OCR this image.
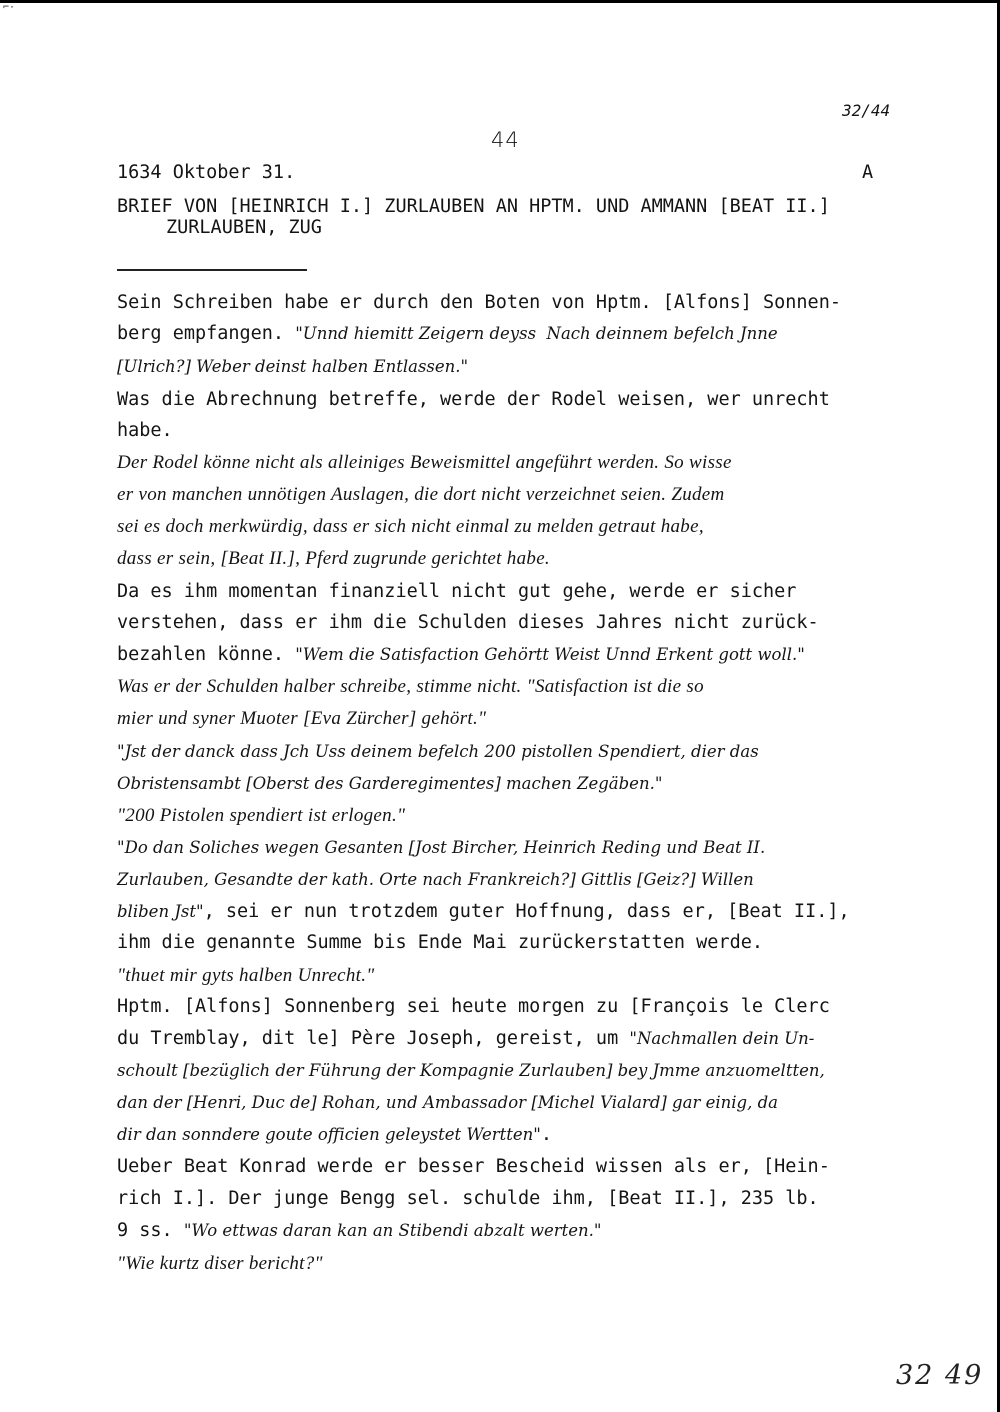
⌐·
32/44
44
1634 Oktober 31.	A
BRIEF VON [HEINRICH I.] ZURLAUBEN AN HPTM. UND AMMANN [BEAT II.]
ZURLAUBEN, ZUG
Sein Schreiben habe er durch den Boten von Hptm. [Alfons] Sonnen-
berg empfangen. "Unnd hiemitt Zeigern deyss  Nach deinnem befelch Jnne
[Ulrich?] Weber deinst halben Entlassen."
Was die Abrechnung betreffe, werde der Rodel weisen, wer unrecht
habe.
Der Rodel könne nicht als alleiniges Beweismittel angeführt werden. So wisse
er von manchen unnötigen Auslagen, die dort nicht verzeichnet seien. Zudem
sei es doch merkwürdig, dass er sich nicht einmal zu melden getraut habe,
dass er sein, [Beat II.], Pferd zugrunde gerichtet habe.
Da es ihm momentan finanziell nicht gut gehe, werde er sicher
verstehen, dass er ihm die Schulden dieses Jahres nicht zurück-
bezahlen könne. "Wem die Satisfaction Gehörtt Weist Unnd Erkent gott woll."
Was er der Schulden halber schreibe, stimme nicht. "Satisfaction ist die so
mier und syner Muoter [Eva Zürcher] gehört."
"Jst der danck dass Jch Uss deinem befelch 200 pistollen Spendiert, dier das
Obristensambt [Oberst des Garderegimentes] machen Zegäben."
"200 Pistolen spendiert ist erlogen."
"Do dan Soliches wegen Gesanten [Jost Bircher, Heinrich Reding und Beat II.
Zurlauben, Gesandte der kath. Orte nach Frankreich?] Gittlis [Geiz?] Willen
bliben Jst", sei er nun trotzdem guter Hoffnung, dass er, [Beat II.],
ihm die genannte Summe bis Ende Mai zurückerstatten werde.
"thuet mir gyts halben Unrecht."
Hptm. [Alfons] Sonnenberg sei heute morgen zu [François le Clerc
du Tremblay, dit le] Père Joseph, gereist, um "Nachmallen dein Un-
schoult [bezüglich der Führung der Kompagnie Zurlauben] bey Jmme anzuomeltten,
dan der [Henri, Duc de] Rohan, und Ambassador [Michel Vialard] gar einig, da
dir dan sonndere goute officien geleystet Wertten".
Ueber Beat Konrad werde er besser Bescheid wissen als er, [Hein-
rich I.]. Der junge Bengg sel. schulde ihm, [Beat II.], 235 lb.
9 ss. "Wo ettwas daran kan an Stibendi abzalt werten."
"Wie kurtz diser bericht?"
32 49
